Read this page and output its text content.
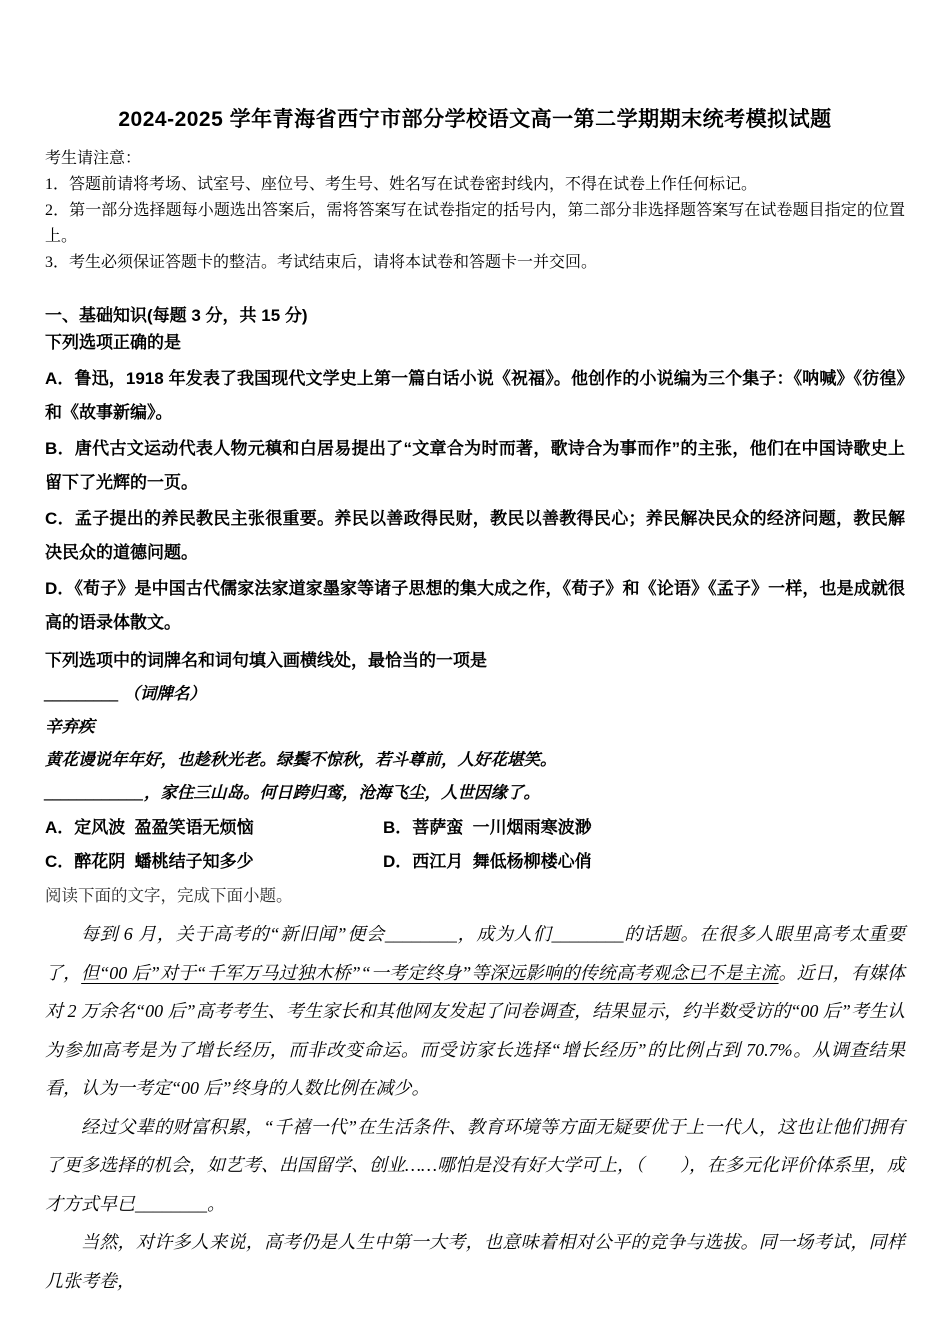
2024-2025 学年青海省西宁市部分学校语文高一第二学期期末统考模拟试题

考生请注意：

1．答题前请将考场、试室号、座位号、考生号、姓名写在试卷密封线内，不得在试卷上作任何标记。

2．第一部分选择题每小题选出答案后，需将答案写在试卷指定的括号内，第二部分非选择题答案写在试卷题目指定的位置上。

3．考生必须保证答题卡的整洁。考试结束后，请将本试卷和答题卡一并交回。

一、基础知识(每题 3 分，共 15 分)

下列选项正确的是

A．鲁迅，1918 年发表了我国现代文学史上第一篇白话小说《祝福》。他创作的小说编为三个集子：《呐喊》《彷徨》和《故事新编》。

B．唐代古文运动代表人物元稹和白居易提出了“文章合为时而著，歌诗合为事而作”的主张，他们在中国诗歌史上留下了光辉的一页。

C．孟子提出的养民教民主张很重要。养民以善政得民财，教民以善教得民心；养民解决民众的经济问题，教民解决民众的道德问题。

D．《荀子》是中国古代儒家法家道家墨家等诸子思想的集大成之作，《荀子》和《论语》《孟子》一样，也是成就很高的语录体散文。

下列选项中的词牌名和词句填入画横线处，最恰当的一项是

_________ （词牌名）

辛弃疾

黄花谩说年年好，也趁秋光老。绿鬓不惊秋，若斗尊前，人好花堪笑。

____________，家住三山岛。何日跨归鸾，沧海飞尘，人世因缘了。

A．定风波 盈盈笑语无烦恼	B．菩萨蛮 一川烟雨寒波渺

C．醉花阴 蟠桃结子知多少	D．西江月 舞低杨柳楼心俏

阅读下面的文字，完成下面小题。

每到 6 月，关于高考的“新旧闻”便会________，成为人们________的话题。在很多人眼里高考太重要了，但“00 后”对于“千军万马过独木桥”“一考定终身”等深远影响的传统高考观念已不是主流。近日，有媒体对 2 万余名“00 后”高考考生、考生家长和其他网友发起了问卷调查，结果显示，约半数受访的“00 后”考生认为参加高考是为了增长经历，而非改变命运。而受访家长选择“增长经历”的比例占到 70.7%。从调查结果看，认为一考定“00 后”终身的人数比例在减少。

经过父辈的财富积累，“千禧一代”在生活条件、教育环境等方面无疑要优于上一代人，这也让他们拥有了更多选择的机会，如艺考、出国留学、创业……哪怕是没有好大学可上，（　　），在多元化评价体系里，成才方式早已________。

当然，对许多人来说，高考仍是人生中第一大考，也意味着相对公平的竞争与选拔。同一场考试，同样几张考卷，
